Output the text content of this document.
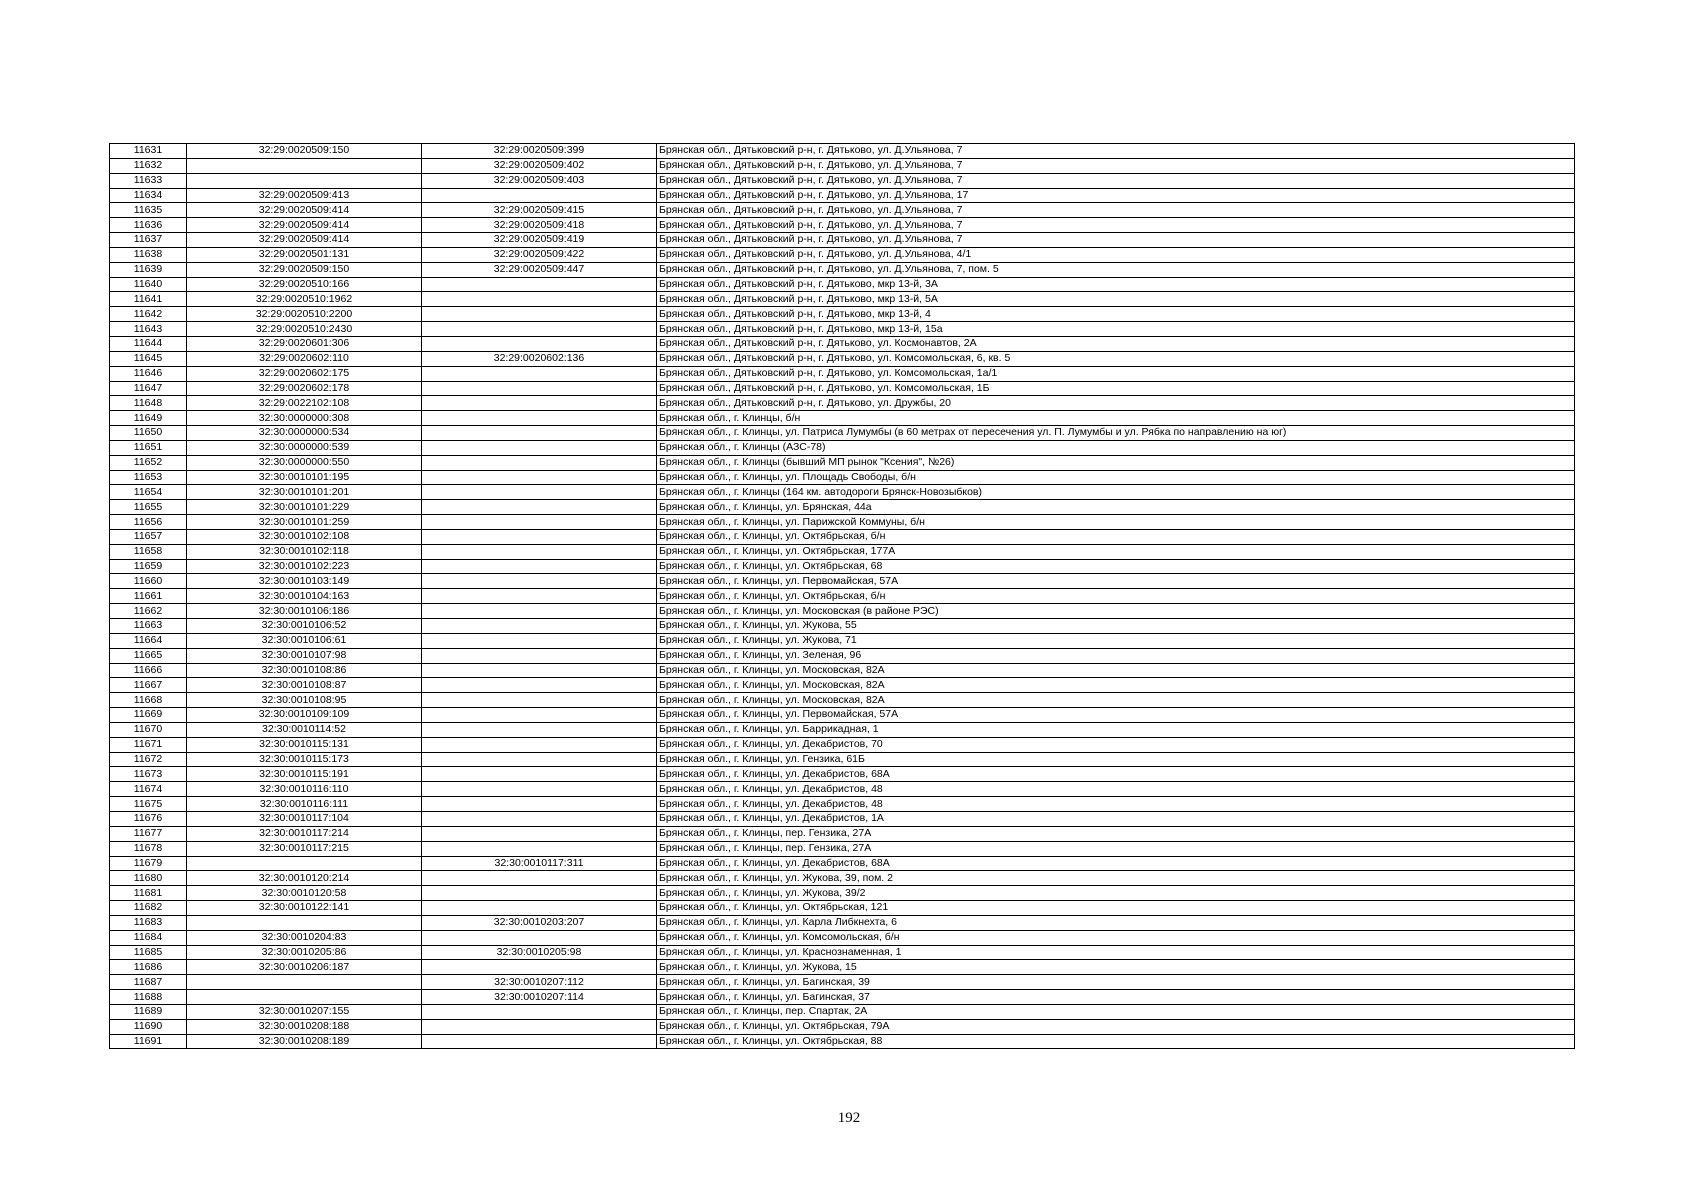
11631	32:29:0020509:150	32:29:0020509:399	Брянская обл., Дятьковский р-н, г. Дятьково, ул. Д.Ульянова, 7
11632		32:29:0020509:402	Брянская обл., Дятьковский р-н, г. Дятьково, ул. Д.Ульянова, 7
11633		32:29:0020509:403	Брянская обл., Дятьковский р-н, г. Дятьково, ул. Д.Ульянова, 7
11634	32:29:0020509:413		Брянская обл., Дятьковский р-н, г. Дятьково, ул. Д.Ульянова, 17
11635	32:29:0020509:414	32:29:0020509:415	Брянская обл., Дятьковский р-н, г. Дятьково, ул. Д.Ульянова, 7
11636	32:29:0020509:414	32:29:0020509:418	Брянская обл., Дятьковский р-н, г. Дятьково, ул. Д.Ульянова, 7
11637	32:29:0020509:414	32:29:0020509:419	Брянская обл., Дятьковский р-н, г. Дятьково, ул. Д.Ульянова, 7
11638	32:29:0020501:131	32:29:0020509:422	Брянская обл., Дятьковский р-н, г. Дятьково, ул. Д.Ульянова, 4/1
11639	32:29:0020509:150	32:29:0020509:447	Брянская обл., Дятьковский р-н, г. Дятьково, ул. Д.Ульянова, 7, пом. 5
11640	32:29:0020510:166		Брянская обл., Дятьковский р-н, г. Дятьково, мкр 13-й, 3А
11641	32:29:0020510:1962		Брянская обл., Дятьковский р-н, г. Дятьково, мкр 13-й, 5А
11642	32:29:0020510:2200		Брянская обл., Дятьковский р-н, г. Дятьково, мкр 13-й, 4
11643	32:29:0020510:2430		Брянская обл., Дятьковский р-н, г. Дятьково, мкр 13-й, 15а
11644	32:29:0020601:306		Брянская обл., Дятьковский р-н, г. Дятьково, ул. Космонавтов, 2А
11645	32:29:0020602:110	32:29:0020602:136	Брянская обл., Дятьковский р-н, г. Дятьково, ул. Комсомольская, 6, кв. 5
11646	32:29:0020602:175		Брянская обл., Дятьковский р-н, г. Дятьково, ул. Комсомольская, 1а/1
11647	32:29:0020602:178		Брянская обл., Дятьковский р-н, г. Дятьково, ул. Комсомольская, 1Б
11648	32:29:0022102:108		Брянская обл., Дятьковский р-н, г. Дятьково, ул. Дружбы, 20
11649	32:30:0000000:308		Брянская обл., г. Клинцы, б/н
11650	32:30:0000000:534		Брянская обл., г. Клинцы, ул. Патриса Лумумбы (в 60 метрах от пересечения ул. П. Лумумбы и ул. Рябка по направлению на юг)
11651	32:30:0000000:539		Брянская обл., г. Клинцы (АЗС-78)
11652	32:30:0000000:550		Брянская обл., г. Клинцы (бывший МП рынок "Ксения", №26)
11653	32:30:0010101:195		Брянская обл., г. Клинцы, ул. Площадь Свободы, б/н
11654	32:30:0010101:201		Брянская обл., г. Клинцы (164 км. автодороги Брянск-Новозыбков)
11655	32:30:0010101:229		Брянская обл., г. Клинцы, ул. Брянская, 44а
11656	32:30:0010101:259		Брянская обл., г. Клинцы, ул. Парижской Коммуны, б/н
11657	32:30:0010102:108		Брянская обл., г. Клинцы, ул. Октябрьская, б/н
11658	32:30:0010102:118		Брянская обл., г. Клинцы, ул. Октябрьская, 177А
11659	32:30:0010102:223		Брянская обл., г. Клинцы, ул. Октябрьская, 68
11660	32:30:0010103:149		Брянская обл., г. Клинцы, ул. Первомайская, 57А
11661	32:30:0010104:163		Брянская обл., г. Клинцы, ул. Октябрьская, б/н
11662	32:30:0010106:186		Брянская обл., г. Клинцы, ул. Московская (в районе РЭС)
11663	32:30:0010106:52		Брянская обл., г. Клинцы, ул. Жукова, 55
11664	32:30:0010106:61		Брянская обл., г. Клинцы, ул. Жукова, 71
11665	32:30:0010107:98		Брянская обл., г. Клинцы, ул. Зеленая, 96
11666	32:30:0010108:86		Брянская обл., г. Клинцы, ул. Московская, 82А
11667	32:30:0010108:87		Брянская обл., г. Клинцы, ул. Московская, 82А
11668	32:30:0010108:95		Брянская обл., г. Клинцы, ул. Московская, 82А
11669	32:30:0010109:109		Брянская обл., г. Клинцы, ул. Первомайская, 57А
11670	32:30:0010114:52		Брянская обл., г. Клинцы, ул. Баррикадная, 1
11671	32:30:0010115:131		Брянская обл., г. Клинцы, ул. Декабристов, 70
11672	32:30:0010115:173		Брянская обл., г. Клинцы, ул. Гензика, 61Б
11673	32:30:0010115:191		Брянская обл., г. Клинцы, ул. Декабристов, 68А
11674	32:30:0010116:110		Брянская обл., г. Клинцы, ул. Декабристов, 48
11675	32:30:0010116:111		Брянская обл., г. Клинцы, ул. Декабристов, 48
11676	32:30:0010117:104		Брянская обл., г. Клинцы, ул. Декабристов, 1А
11677	32:30:0010117:214		Брянская обл., г. Клинцы, пер. Гензика, 27А
11678	32:30:0010117:215		Брянская обл., г. Клинцы, пер. Гензика, 27А
11679		32:30:0010117:311	Брянская обл., г. Клинцы, ул. Декабристов, 68А
11680	32:30:0010120:214		Брянская обл., г. Клинцы, ул. Жукова, 39, пом. 2
11681	32:30:0010120:58		Брянская обл., г. Клинцы, ул. Жукова, 39/2
11682	32:30:0010122:141		Брянская обл., г. Клинцы, ул. Октябрьская, 121
11683		32:30:0010203:207	Брянская обл., г. Клинцы, ул. Карла Либкнехта, 6
11684	32:30:0010204:83		Брянская обл., г. Клинцы, ул. Комсомольская, б/н
11685	32:30:0010205:86	32:30:0010205:98	Брянская обл., г. Клинцы, ул. Краснознаменная, 1
11686	32:30:0010206:187		Брянская обл., г. Клинцы, ул. Жукова, 15
11687		32:30:0010207:112	Брянская обл., г. Клинцы, ул. Багинская, 39
11688		32:30:0010207:114	Брянская обл., г. Клинцы, ул. Багинская, 37
11689	32:30:0010207:155		Брянская обл., г. Клинцы, пер. Спартак, 2А
11690	32:30:0010208:188		Брянская обл., г. Клинцы, ул. Октябрьская, 79А
11691	32:30:0010208:189		Брянская обл., г. Клинцы, ул. Октябрьская, 88
192
